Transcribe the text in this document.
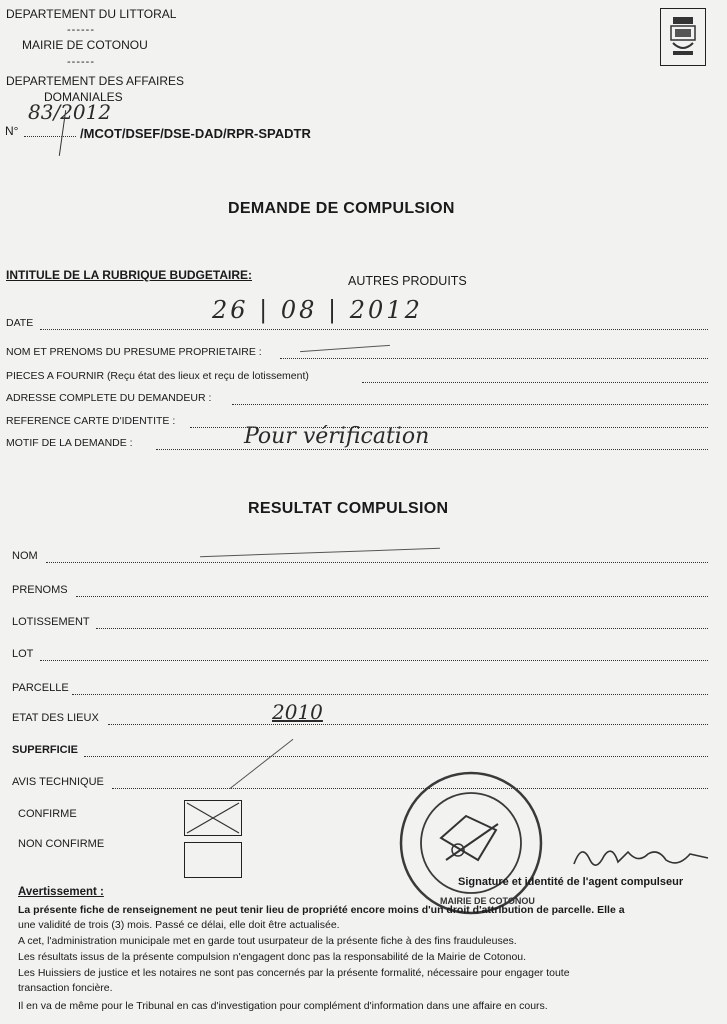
DEPARTEMENT DU LITTORAL
------
MAIRIE DE COTONOU
------
DEPARTEMENT DES AFFAIRES
DOMANIALES
N°
83/2012
/MCOT/DSEF/DSE-DAD/RPR-SPADTR
DEMANDE DE COMPULSION
INTITULE DE LA RUBRIQUE BUDGETAIRE:	AUTRES PRODUITS
DATE	26 | 08 | 2012
NOM ET PRENOMS DU PRESUME PROPRIETAIRE :
PIECES A FOURNIR (Reçu état des lieux et reçu de lotissement)
ADRESSE COMPLETE DU DEMANDEUR :
REFERENCE CARTE D'IDENTITE :
MOTIF DE LA DEMANDE :	Pour vérification
RESULTAT COMPULSION
NOM
PRENOMS
LOTISSEMENT
LOT
PARCELLE
ETAT DES LIEUX	2010
SUPERFICIE
AVIS TECHNIQUE
CONFIRME
NON CONFIRME
MAIRIE DE COTONOU
Signature et identité de l'agent compulseur
Avertissement :
La présente fiche de renseignement ne peut tenir lieu de propriété encore moins d'un droit d'attribution de parcelle. Elle a
une validité de trois (3) mois. Passé ce délai, elle doit être actualisée.
A cet, l'administration municipale met en garde tout usurpateur de la présente fiche à des fins frauduleuses.
Les résultats issus de la présente compulsion n'engagent donc pas la responsabilité de la Mairie de Cotonou.
Les Huissiers de justice et les notaires ne sont pas concernés par la présente formalité, nécessaire pour engager toute
transaction foncière.
Il en va de même pour le Tribunal en cas d'investigation pour complément d'information dans une affaire en cours.
